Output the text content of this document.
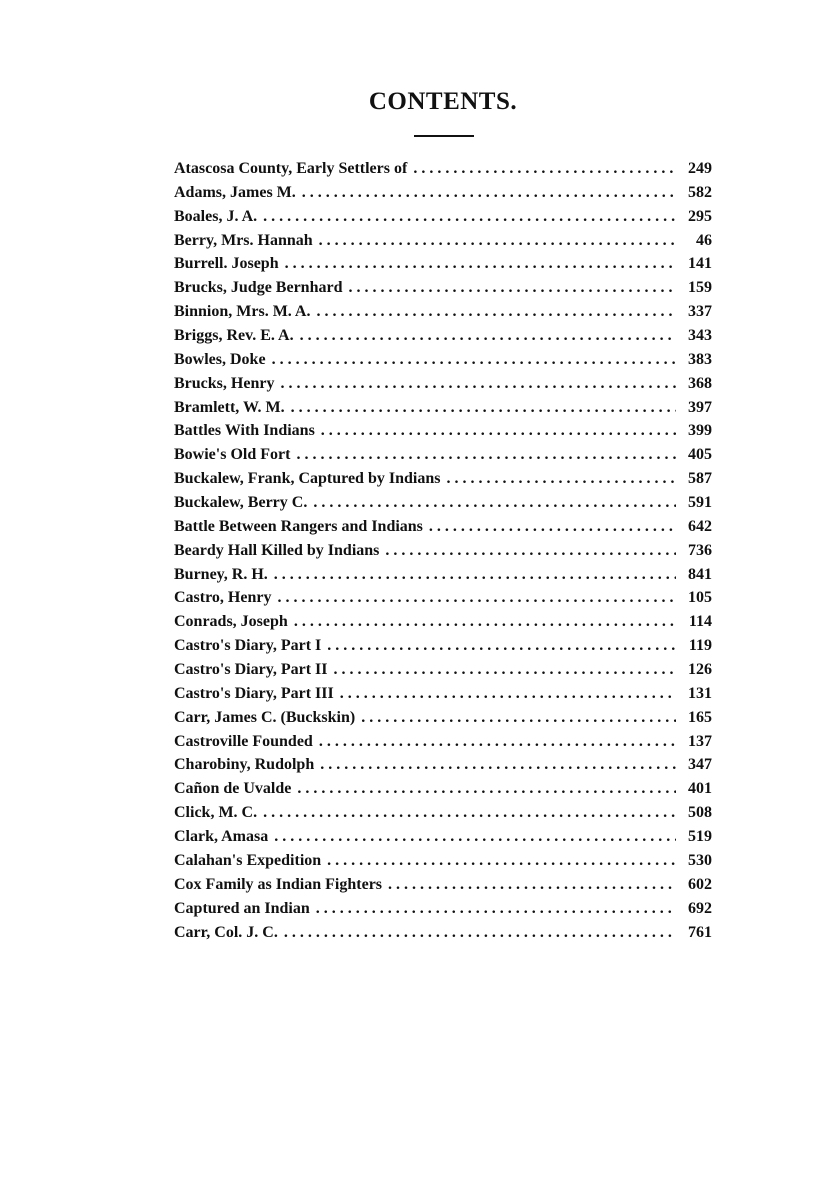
CONTENTS.
Atascosa County, Early Settlers of .....	249
Adams, James M. .....	582
Boales, J. A. .....	295
Berry, Mrs. Hannah .....	46
Burrell. Joseph .....	141
Brucks, Judge Bernhard .....	159
Binnion, Mrs. M. A. .....	337
Briggs, Rev. E. A. .....	343
Bowles, Doke .....	383
Brucks, Henry .....	368
Bramlett, W. M. .....	397
Battles With Indians .....	399
Bowie's Old Fort .....	405
Buckalew, Frank, Captured by Indians .....	587
Buckalew, Berry C. .....	591
Battle Between Rangers and Indians .....	642
Beardy Hall Killed by Indians .....	736
Burney, R. H. .....	841
Castro, Henry .....	105
Conrads, Joseph .....	114
Castro's Diary, Part I .....	119
Castro's Diary, Part II .....	126
Castro's Diary, Part III .....	131
Carr, James C. (Buckskin) .....	165
Castroville Founded .....	137
Charobiny, Rudolph .....	347
Cañon de Uvalde .....	401
Click, M. C. .....	508
Clark, Amasa .....	519
Calahan's Expedition .....	530
Cox Family as Indian Fighters .....	602
Captured an Indian .....	692
Carr, Col. J. C. .....	761
